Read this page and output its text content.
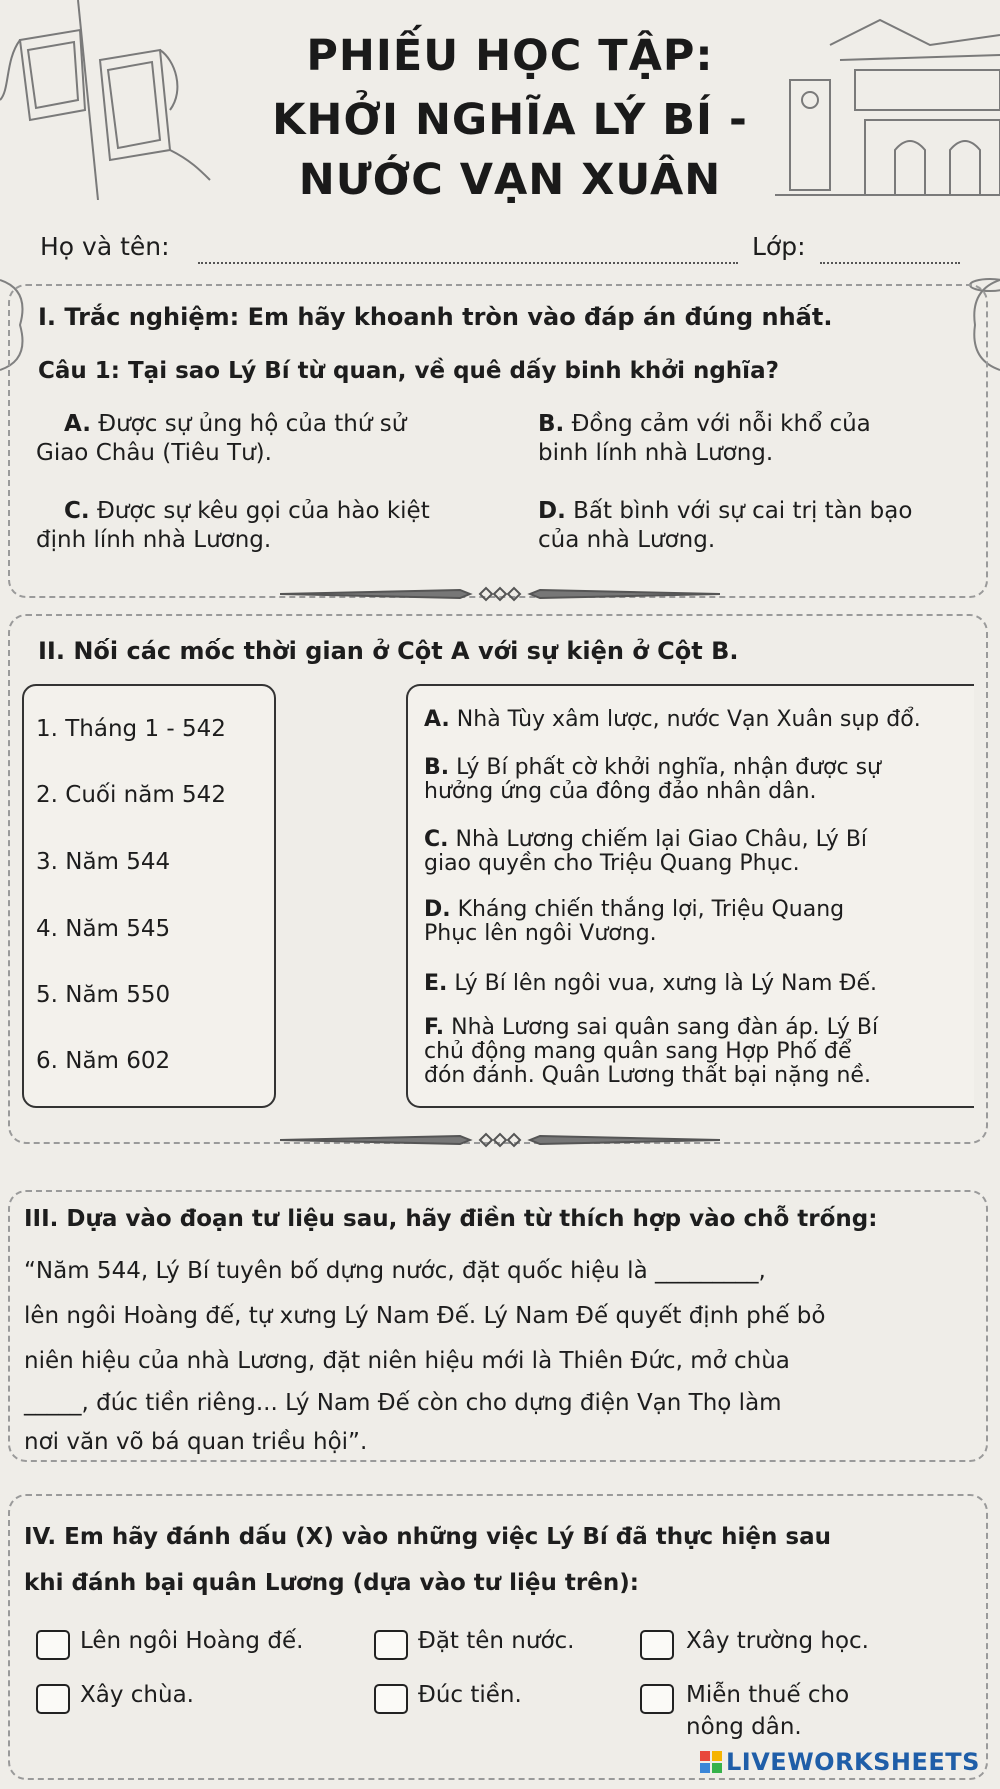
PHIẾU HỌC TẬP:
KHỞI NGHĨA LÝ BÍ -
NƯỚC VẠN XUÂN
Họ và tên:	Lớp:
I. Trắc nghiệm: Em hãy khoanh tròn vào đáp án đúng nhất.
Câu 1: Tại sao Lý Bí từ quan, về quê dấy binh khởi nghĩa?
A. Được sự ủng hộ của thứ sử
Giao Châu (Tiêu Tư).
B. Đồng cảm với nỗi khổ của
binh lính nhà Lương.
C. Được sự kêu gọi của hào kiệt
định lính nhà Lương.
D. Bất bình với sự cai trị tàn bạo
của nhà Lương.
II. Nối các mốc thời gian ở Cột A với sự kiện ở Cột B.
1. Tháng 1 - 542
2. Cuối năm 542
3. Năm 544
4. Năm 545
5. Năm 550
6. Năm 602
A. Nhà Tùy xâm lược, nước Vạn Xuân sụp đổ.
B. Lý Bí phất cờ khởi nghĩa, nhận được sự
hưởng ứng của đông đảo nhân dân.
C. Nhà Lương chiếm lại Giao Châu, Lý Bí
giao quyền cho Triệu Quang Phục.
D. Kháng chiến thắng lợi, Triệu Quang
Phục lên ngôi Vương.
E. Lý Bí lên ngôi vua, xưng là Lý Nam Đế.
F. Nhà Lương sai quân sang đàn áp. Lý Bí
chủ động mang quân sang Hợp Phố để
đón đánh. Quân Lương thất bại nặng nề.
III. Dựa vào đoạn tư liệu sau, hãy điền từ thích hợp vào chỗ trống:
“Năm 544, Lý Bí tuyên bố dựng nước, đặt quốc hiệu là _________,
lên ngôi Hoàng đế, tự xưng Lý Nam Đế. Lý Nam Đế quyết định phế bỏ
niên hiệu của nhà Lương, đặt niên hiệu mới là Thiên Đức, mở chùa
_____, đúc tiền riêng... Lý Nam Đế còn cho dựng điện Vạn Thọ làm
nơi văn võ bá quan triều hội”.
IV. Em hãy đánh dấu (X) vào những việc Lý Bí đã thực hiện sau
khi đánh bại quân Lương (dựa vào tư liệu trên):
Lên ngôi Hoàng đế.	Đặt tên nước.	Xây trường học.
Xây chùa.	Đúc tiền.	Miễn thuế cho
nông dân.
LIVEWORKSHEETS
